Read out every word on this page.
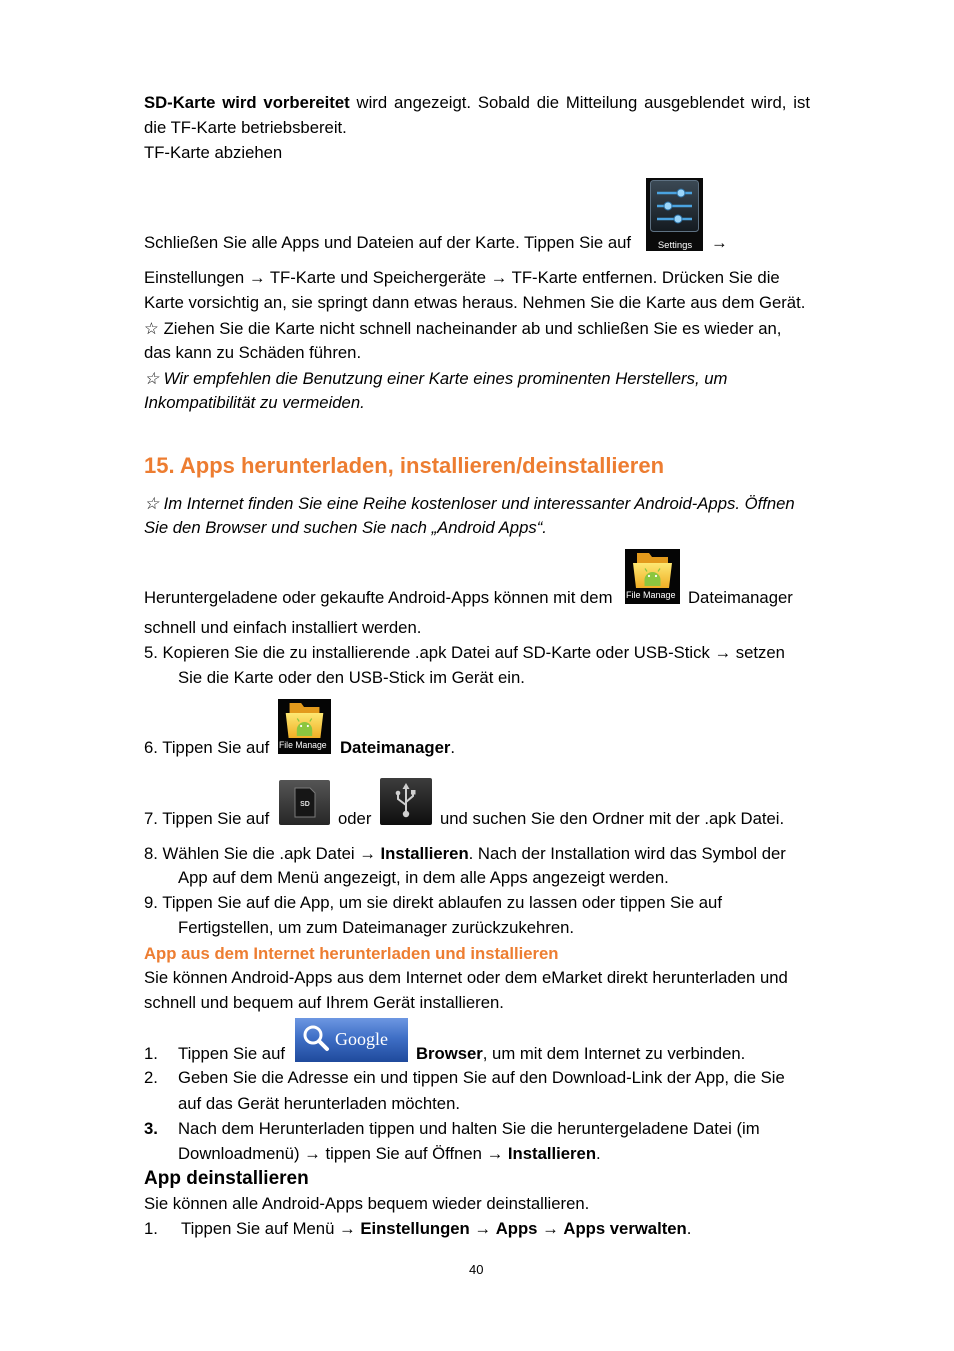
SD-Karte wird vorbereitet wird angezeigt. Sobald die Mitteilung ausgeblendet wird, ist
die TF-Karte betriebsbereit.
TF-Karte abziehen
Schließen Sie alle Apps und Dateien auf der Karte. Tippen Sie auf	Settings →
Einstellungen → TF-Karte und Speichergeräte → TF-Karte entfernen. Drücken Sie die
Karte vorsichtig an, sie springt dann etwas heraus. Nehmen Sie die Karte aus dem Gerät.
☆ Ziehen Sie die Karte nicht schnell nacheinander ab und schließen Sie es wieder an,
das kann zu Schäden führen.
☆ Wir empfehlen die Benutzung einer Karte eines prominenten Herstellers, um
Inkompatibilität zu vermeiden.
15. Apps herunterladen, installieren/deinstallieren
☆ Im Internet finden Sie eine Reihe kostenloser und interessanter Android-Apps. Öffnen
Sie den Browser und suchen Sie nach „Android Apps“.
Heruntergeladene oder gekaufte Android-Apps können mit dem File Manage Dateimanager
schnell und einfach installiert werden.
5. Kopieren Sie die zu installierende .apk Datei auf SD-Karte oder USB-Stick → setzen
Sie die Karte oder den USB-Stick im Gerät ein.
6. Tippen Sie auf File Manage Dateimanager.
7. Tippen Sie auf
SD
oder	und suchen Sie den Ordner mit der .apk Datei.
8. Wählen Sie die .apk Datei → Installieren. Nach der Installation wird das Symbol der
App auf dem Menü angezeigt, in dem alle Apps angezeigt werden.
9. Tippen Sie auf die App, um sie direkt ablaufen zu lassen oder tippen Sie auf
Fertigstellen, um zum Dateimanager zurückzukehren.
App aus dem Internet herunterladen und installieren
Sie können Android-Apps aus dem Internet oder dem eMarket direkt herunterladen und
schnell und bequem auf Ihrem Gerät installieren.
1. Tippen Sie auf
Google
Browser, um mit dem Internet zu verbinden.
2. Geben Sie die Adresse ein und tippen Sie auf den Download-Link der App, die Sie
auf das Gerät herunterladen möchten.
3. Nach dem Herunterladen tippen und halten Sie die heruntergeladene Datei (im
Downloadmenü) → tippen Sie auf Öffnen → Installieren.
App deinstallieren
Sie können alle Android-Apps bequem wieder deinstallieren.
1. Tippen Sie auf Menü → Einstellungen → Apps → Apps verwalten.
40
